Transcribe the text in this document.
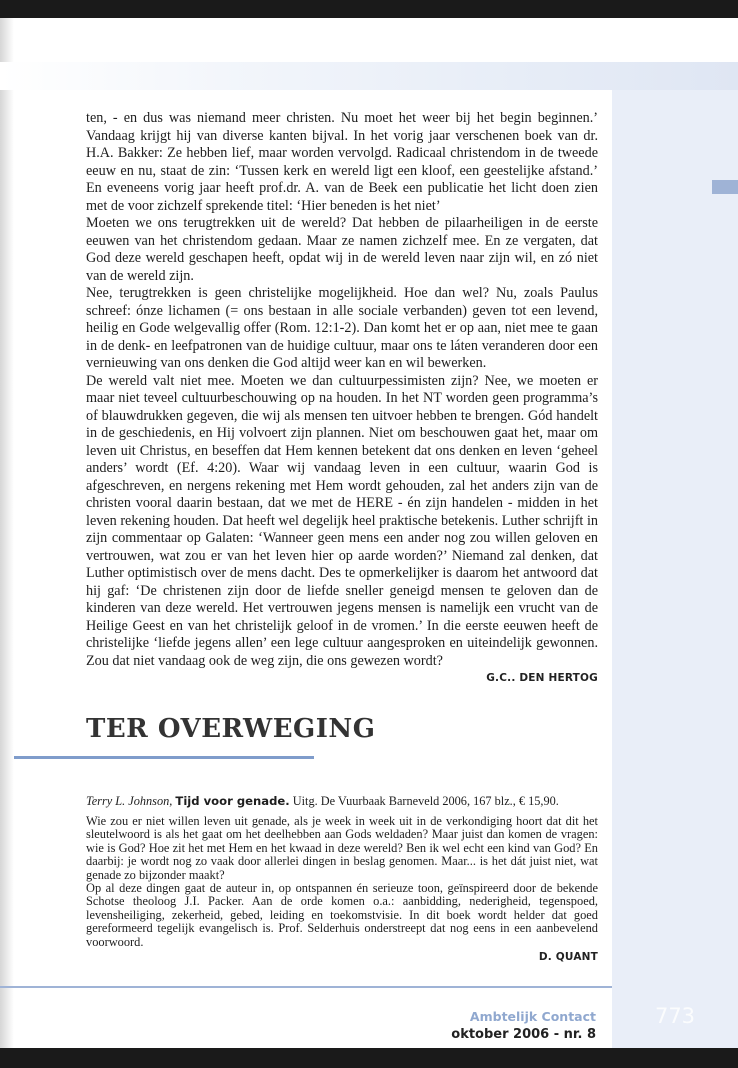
ten, - en dus was niemand meer christen. Nu moet het weer bij het begin beginnen.’ Vandaag krijgt hij van diverse kanten bijval. In het vorig jaar verschenen boek van dr. H.A. Bakker: Ze hebben lief, maar worden vervolgd. Radicaal christendom in de tweede eeuw en nu, staat de zin: ‘Tussen kerk en wereld ligt een kloof, een geestelijke afstand.’ En eveneens vorig jaar heeft prof.dr. A. van de Beek een publicatie het licht doen zien met de voor zichzelf sprekende titel: ‘Hier beneden is het niet’

Moeten we ons terugtrekken uit de wereld? Dat hebben de pilaarheiligen in de eerste eeuwen van het christendom gedaan. Maar ze namen zichzelf mee. En ze vergaten, dat God deze wereld geschapen heeft, opdat wij in de wereld leven naar zijn wil, en zó niet van de wereld zijn.

Nee, terugtrekken is geen christelijke mogelijkheid. Hoe dan wel? Nu, zoals Paulus schreef: ónze lichamen (= ons bestaan in alle sociale verbanden) geven tot een levend, heilig en Gode welgevallig offer (Rom. 12:1-2). Dan komt het er op aan, niet mee te gaan in de denk- en leefpatronen van de huidige cultuur, maar ons te láten veranderen door een vernieuwing van ons denken die God altijd weer kan en wil bewerken.

De wereld valt niet mee. Moeten we dan cultuurpessimisten zijn? Nee, we moeten er maar niet teveel cultuurbeschouwing op na houden. In het NT worden geen programma’s of blauwdrukken gegeven, die wij als mensen ten uitvoer hebben te brengen. Gód handelt in de geschiedenis, en Hij volvoert zijn plannen. Niet om beschouwen gaat het, maar om leven uit Christus, en beseffen dat Hem kennen betekent dat ons denken en leven ‘geheel anders’ wordt (Ef. 4:20). Waar wij vandaag leven in een cultuur, waarin God is afgeschreven, en nergens rekening met Hem wordt gehouden, zal het anders zijn van de christen vooral daarin bestaan, dat we met de HERE - én zijn handelen - midden in het leven rekening houden. Dat heeft wel degelijk heel praktische betekenis. Luther schrijft in zijn commentaar op Galaten: ‘Wanneer geen mens een ander nog zou willen geloven en vertrouwen, wat zou er van het leven hier op aarde worden?’ Niemand zal denken, dat Luther optimistisch over de mens dacht. Des te opmerkelijker is daarom het antwoord dat hij gaf: ‘De christenen zijn door de liefde sneller geneigd mensen te geloven dan de kinderen van deze wereld. Het vertrouwen jegens mensen is namelijk een vrucht van de Heilige Geest en van het christelijk geloof in de vromen.’ In die eerste eeuwen heeft de christelijke ‘liefde jegens allen’ een lege cultuur aangesproken en uiteindelijk gewonnen. Zou dat niet vandaag ook de weg zijn, die ons gewezen wordt?

G.C.. DEN HERTOG

TER OVERWEGING

Terry L. Johnson, Tijd voor genade. Uitg. De Vuurbaak Barneveld 2006, 167 blz., € 15,90.

Wie zou er niet willen leven uit genade, als je week in week uit in de verkondiging hoort dat dit het sleutelwoord is als het gaat om het deelhebben aan Gods weldaden? Maar juist dan komen de vragen: wie is God? Hoe zit het met Hem en het kwaad in deze wereld? Ben ik wel echt een kind van God? En daarbij: je wordt nog zo vaak door allerlei dingen in beslag genomen. Maar... is het dát juist niet, wat genade zo bijzonder maakt?

Op al deze dingen gaat de auteur in, op ontspannen én serieuze toon, geïnspireerd door de bekende Schotse theoloog J.I. Packer. Aan de orde komen o.a.: aanbidding, nederigheid, tegenspoed, levensheiliging, zekerheid, gebed, leiding en toekomstvisie. In dit boek wordt helder dat goed gereformeerd tegelijk evangelisch is. Prof. Selderhuis onderstreept dat nog eens in een aanbevelend voorwoord.

D. QUANT

Ambtelijk Contact
oktober 2006 - nr. 8
773
